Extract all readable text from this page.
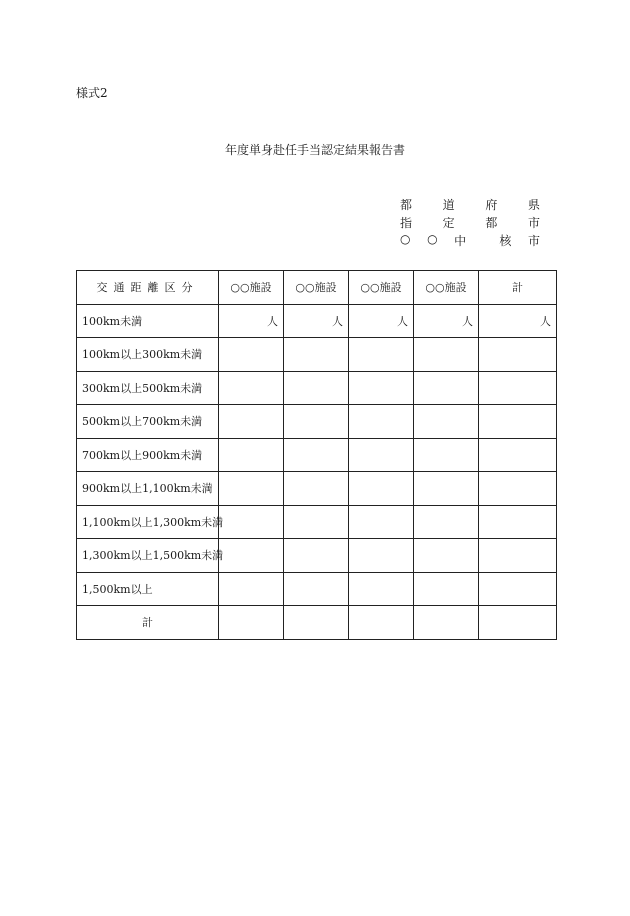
様式2
年度単身赴任手当認定結果報告書
都	道	府	県
指	定	都	市
○ ○ 中	核 市
交通距離区分	○○施設	○○施設	○○施設	○○施設	計
100km未満	人	人	人	人	人
100km以上300km未満					
300km以上500km未満					
500km以上700km未満					
700km以上900km未満					
900km以上1,100km未満					
1,100km以上1,300km未満					
1,300km以上1,500km未満					
1,500km以上					
計					
